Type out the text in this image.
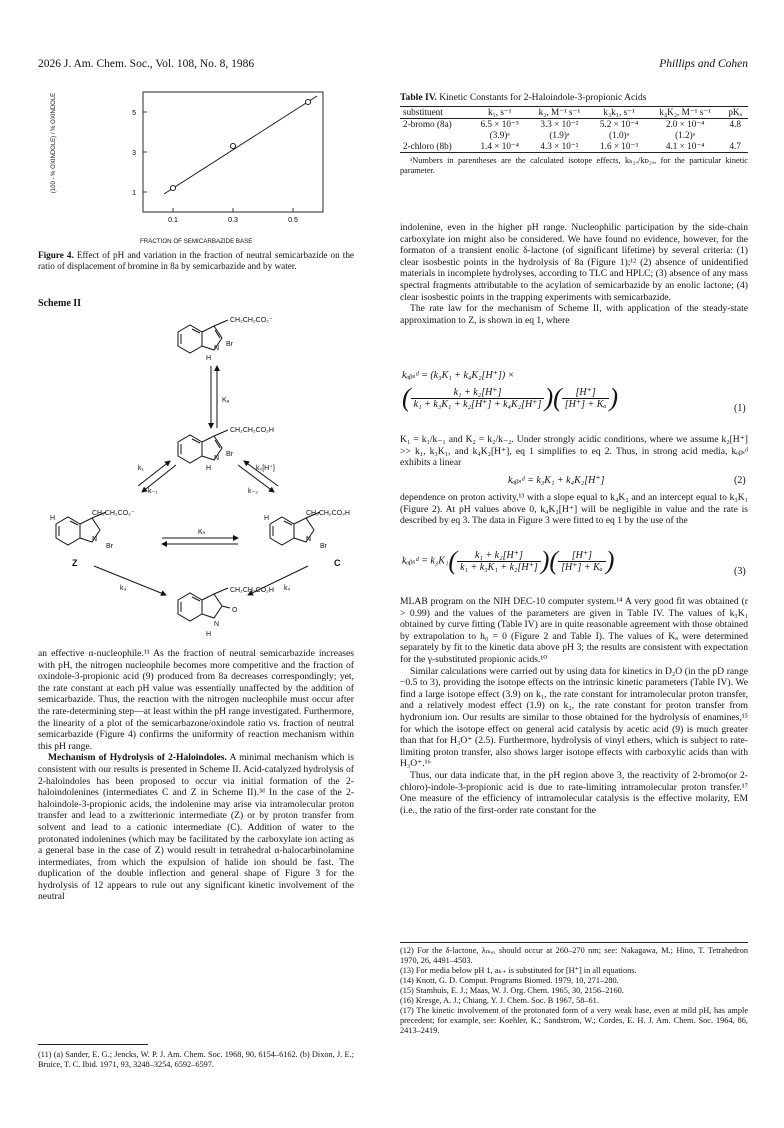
2026 J. Am. Chem. Soc., Vol. 108, No. 8, 1986	Phillips and Cohen
1
3
5
0.1	0.3	0.5
(100 - % OXINDOLE) / % OXINDOLE
FRACTION OF SEMICARBAZIDE BASE
Figure 4. Effect of pH and variation in the fraction of neutral semicarbazide on the ratio of displacement of bromine in 8a by semicarbazide and by water.
Scheme II
CH₂CH₂CO₂⁻
N
H
Br
Kₐ
CH₂CH₂CO₂H
N
H
Br
k₁
k₋₁
k₂[H⁺]
k₋₂
CH₂CH₂CO₂⁻
H
N
Br
Kₙ
CH₂CH₂CO₂H
H
N
Br
Z	C
k₃	k₄
CH₂CH₂CO₂H
N
H
O

an effective α-nucleophile.¹¹ As the fraction of neutral semicarbazide increases with pH, the nitrogen nucleophile becomes more competitive and the fraction of oxindole-3-propionic acid (9) produced from 8a decreases correspondingly; yet, the rate constant at each pH value was essentially unaffected by the addition of semicarbazide. Thus, the reaction with the nitrogen nucleophile must occur after the rate-determining step—at least within the pH range investigated. Furthermore, the linearity of a plot of the semicarbazone/oxindole ratio vs. fraction of neutral semicarbazide (Figure 4) confirms the uniformity of reaction mechanism within this pH range.

Mechanism of Hydrolysis of 2-Haloindoles. A minimal mechanism which is consistent with our results is presented in Scheme II. Acid-catalyzed hydrolysis of 2-haloindoles has been proposed to occur via initial formation of the 2-haloindolenines (intermediates C and Z in Scheme II).³ᵈ In the case of the 2-haloindole-3-propionic acids, the indolenine may arise via intramolecular proton transfer and lead to a zwitterionic intermediate (Z) or by proton transfer from solvent and lead to a cationic intermediate (C). Addition of water to the protonated indolenines (which may be facilitated by the carboxylate ion acting as a general base in the case of Z) would result in tetrahedral α-halocarbinolamine intermediates, from which the expulsion of halide ion should be fast. The duplication of the double inflection and general shape of Figure 3 for the hydrolysis of 12 appears to rule out any significant kinetic involvement of the neutral

(11) (a) Sander, E. G.; Jencks, W. P. J. Am. Chem. Soc. 1968, 90, 6154–6162. (b) Dixon, J. E.; Bruice, T. C. Ibid. 1971, 93, 3248–3254, 6592–6597.

Table IV. Kinetic Constants for 2-Haloindole-3-propionic Acids
substituent	k₁, s⁻¹	k₂, M⁻¹ s⁻¹	k₃k₁, s⁻¹	k₄K₂, M⁻¹ s⁻¹	pKₐ
2-bromo (8a)	6.5 × 10⁻⁵	3.3 × 10⁻²	5.2 × 10⁻⁴	2.0 × 10⁻⁴	4.8
	(3.9)ᵃ	(1.9)ᵃ	(1.0)ᵃ	(1.2)ᵃ	
2-chloro (8b)	1.4 × 10⁻⁴	4.3 × 10⁻²	1.6 × 10⁻³	4.1 × 10⁻⁴	4.7
ᵃNumbers in parentheses are the calculated isotope effects, kₕ₂ₒ/kᴅ₂ₒ, for the particular kinetic parameter.

indolenine, even in the higher pH range. Nucleophilic participation by the side-chain carboxylate ion might also be considered. We have found no evidence, however, for the formaton of a transient enolic δ-lactone (of significant lifetime) by several criteria: (1) clear isosbestic points in the hydrolysis of 8a (Figure 1);¹² (2) absence of unidentified materials in incomplete hydrolyses, according to TLC and HPLC; (3) absence of any mass spectral fragments attributable to the acylation of semicarbazide by an enolic lactone; (4) clear isosbestic points in the trapping experiments with semicarbazide.

The rate law for the mechanism of Scheme II, with application of the steady-state approximation to Z, is shown in eq 1, where

kₒᵦₛᵈ = (k₃K₁ + k₄K₂[H⁺]) ×
( $\frac{\text{k₁ + k₂[H⁺]}}{\text{k₁ + k₃K₁ + k₂[H⁺] + k₄K₂[H⁺]}}$ )( $\frac{[H^+]}{\text{[H⁺] + Kₐ}}$ )	(1)

K₁ = k₁/k₋₁ and K₂ = k₂/k₋₂. Under strongly acidic conditions, where we assume k₂[H⁺] >> k₁, k₃K₁, and k₄K₂[H⁺], eq 1 simplifies to eq 2. Thus, in strong acid media, kₒᵦₛᵈ exhibits a linear

kₒᵦₛᵈ = k₃K₁ + k₄K₂[H⁺]	(2)

dependence on proton activity,¹³ with a slope equal to k₄K₂ and an intercept equal to k₃K₁ (Figure 2). At pH values above 0, k₄K₂[H⁺] will be negligible in value and the rate is described by eq 3. The data in Figure 3 were fitted to eq 1 by the use of the

kₒᵦₛᵈ = $k_3K_1( \frac{\text{k₁ + k₂[H⁺]}}{\text{k₁ + k₃K₁ + k₂[H⁺]}}$ )( $\frac{[H^+]}{\text{[H⁺] + Kₐ}}$ )	(3)

MLAB program on the NIH DEC-10 computer system.¹⁴ A very good fit was obtained (r > 0.99) and the values of the parameters are given in Table IV. The values of k₃K₁ obtained by curve fitting (Table IV) are in quite reasonable agreement with those obtained by extrapolation to h₀ = 0 (Figure 2 and Table I). The values of Kₐ were determined separately by fit to the kinetic data above pH 3; the results are consistent with expectation for the γ-substituted propionic acids.¹⁰

Similar calculations were carried out by using data for kinetics in D₂O (in the pD range −0.5 to 3), providing the isotope effects on the intrinsic kinetic parameters (Table IV). We find a large isotope effect (3.9) on k₁, the rate constant for intramolecular proton transfer, and a relatively modest effect (1.9) on k₂, the rate constant for proton transfer from hydronium ion. Our results are similar to those obtained for the hydrolysis of enamines,¹⁵ for which the isotope effect on general acid catalysis by acetic acid (9) is much greater than that for H₃O⁺ (2.5). Furthermore, hydrolysis of vinyl ethers, which is subject to rate-limiting proton transfer, also shows larger isotope effects with carboxylic acids than with H₃O⁺.¹⁶

Thus, our data indicate that, in the pH region above 3, the reactivity of 2-bromo(or 2-chloro)-indole-3-propionic acid is due to rate-limiting intramolecular proton transfer.¹⁷ One measure of the efficiency of intramolecular catalysis is the effective molarity, EM (i.e., the ratio of the first-order rate constant for the

(12) For the δ-lactone, λₘₐₓ should occur at 260–270 nm; see: Nakagawa, M.; Hino, T. Tetrahedron 1970, 26, 4491–4503.

(13) For media below pH 1, aₕ₊ is substituted for [H⁺] in all equations.

(14) Knott, G. D. Comput. Programs Biomed. 1979, 10, 271–280.

(15) Stamhuis, E. J.; Maas, W. J. Org. Chem. 1965, 30, 2156–2160.

(16) Kresge, A. J.; Chiang, Y. J. Chem. Soc. B 1967, 58–61.

(17) The kinetic involvement of the protonated form of a very weak base, even at mild pH, has ample precedent; for example, see: Koehler, K.; Sandstrom, W.; Cordes, E. H. J. Am. Chem. Soc. 1964, 86, 2413–2419.
